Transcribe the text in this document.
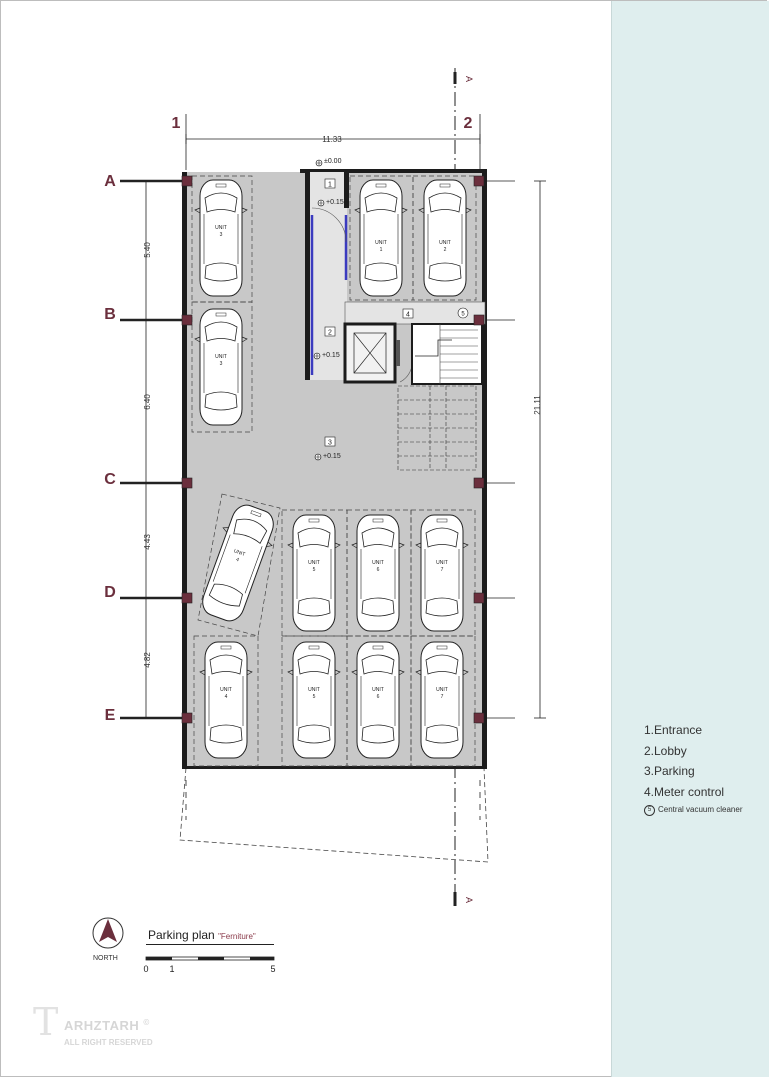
11.33
1	2
A
A
A
B
C
D
E
5.40
6.40
4.43
4.82
21.11
1
2
3
4	5
±0.00
+0.15
+0.15
+0.15
UNIT
3
UNIT
3
UNIT
1
UNIT
2
UNIT
4	UNIT
5
UNIT
6
UNIT
7
UNIT
4
UNIT
5
UNIT
6
UNIT
7
0 1	5
Parking plan "Ferniture"
NORTH
1.Entrance
2.Lobby
3.Parking
4.Meter control
5 Central vacuum cleaner
T ARHZTARH ©
ALL RIGHT RESERVED
